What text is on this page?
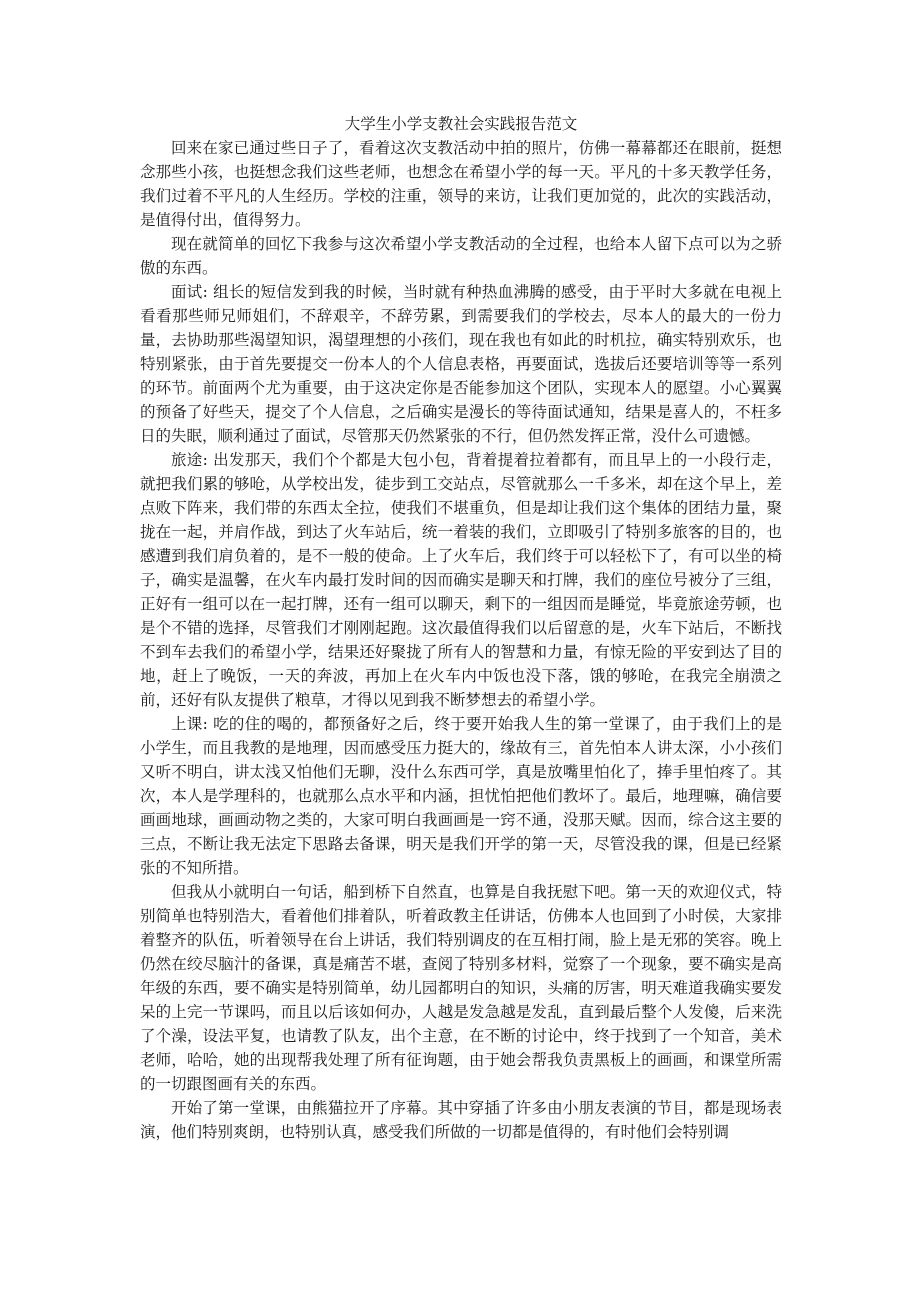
大学生小学支教社会实践报告范文

回来在家已通过些日子了，看着这次支教活动中拍的照片，仿佛一幕幕都还在眼前，挺想念那些小孩，也挺想念我们这些老师，也想念在希望小学的每一天。平凡的十多天教学任务，我们过着不平凡的人生经历。学校的注重，领导的来访，让我们更加觉的，此次的实践活动，是值得付出，值得努力。

现在就简单的回忆下我参与这次希望小学支教活动的全过程，也给本人留下点可以为之骄傲的东西。

面试: 组长的短信发到我的时候，当时就有种热血沸腾的感受，由于平时大多就在电视上看看那些师兄师姐们，不辞艰辛，不辞劳累，到需要我们的学校去，尽本人的最大的一份力量，去协助那些渴望知识，渴望理想的小孩们，现在我也有如此的时机拉，确实特别欢乐，也特别紧张，由于首先要提交一份本人的个人信息表格，再要面试，选拔后还要培训等等一系列的环节。前面两个尤为重要，由于这决定你是否能参加这个团队，实现本人的愿望。小心翼翼的预备了好些天，提交了个人信息，之后确实是漫长的等待面试通知，结果是喜人的，不枉多日的失眠，顺利通过了面试，尽管那天仍然紧张的不行，但仍然发挥正常，没什么可遗憾。

旅途: 出发那天，我们个个都是大包小包，背着提着拉着都有，而且早上的一小段行走，就把我们累的够呛，从学校出发，徒步到工交站点，尽管就那么一千多米，却在这个早上，差点败下阵来，我们带的东西太全拉，使我们不堪重负，但是却让我们这个集体的团结力量，聚拢在一起，并肩作战，到达了火车站后，统一着装的我们，立即吸引了特别多旅客的目的，也感遭到我们肩负着的，是不一般的使命。上了火车后，我们终于可以轻松下了，有可以坐的椅子，确实是温馨，在火车内最打发时间的因而确实是聊天和打牌，我们的座位号被分了三组，正好有一组可以在一起打牌，还有一组可以聊天，剩下的一组因而是睡觉，毕竟旅途劳顿，也是个不错的选择，尽管我们才刚刚起跑。这次最值得我们以后留意的是，火车下站后，不断找不到车去我们的希望小学，结果还好聚拢了所有人的智慧和力量，有惊无险的平安到达了目的地，赶上了晚饭，一天的奔波，再加上在火车内中饭也没下落，饿的够呛，在我完全崩溃之前，还好有队友提供了粮草，才得以见到我不断梦想去的希望小学。

上课: 吃的住的喝的，都预备好之后，终于要开始我人生的第一堂课了，由于我们上的是小学生，而且我教的是地理，因而感受压力挺大的，缘故有三，首先怕本人讲太深，小小孩们又听不明白，讲太浅又怕他们无聊，没什么东西可学，真是放嘴里怕化了，捧手里怕疼了。其次，本人是学理科的，也就那么点水平和内涵，担忧怕把他们教坏了。最后，地理嘛，确信要画画地球，画画动物之类的，大家可明白我画画是一窍不通，没那天赋。因而，综合这主要的三点，不断让我无法定下思路去备课，明天是我们开学的第一天，尽管没我的课，但是已经紧张的不知所措。

但我从小就明白一句话，船到桥下自然直，也算是自我抚慰下吧。第一天的欢迎仪式，特别简单也特别浩大，看着他们排着队，听着政教主任讲话，仿佛本人也回到了小时侯，大家排着整齐的队伍，听着领导在台上讲话，我们特别调皮的在互相打闹，脸上是无邪的笑容。晚上仍然在绞尽脑汁的备课，真是痛苦不堪，查阅了特别多材料，觉察了一个现象，要不确实是高年级的东西，要不确实是特别简单，幼儿园都明白的知识，头痛的厉害，明天难道我确实要发呆的上完一节课吗，而且以后该如何办，人越是发急越是发乱，直到最后整个人发傻，后来洗了个澡，设法平复，也请教了队友，出个主意，在不断的讨论中，终于找到了一个知音，美术老师，哈哈，她的出现帮我处理了所有征询题，由于她会帮我负责黑板上的画画，和课堂所需的一切跟图画有关的东西。

开始了第一堂课，由熊猫拉开了序幕。其中穿插了许多由小朋友表演的节目，都是现场表演，他们特别爽朗，也特别认真，感受我们所做的一切都是值得的，有时他们会特别调
